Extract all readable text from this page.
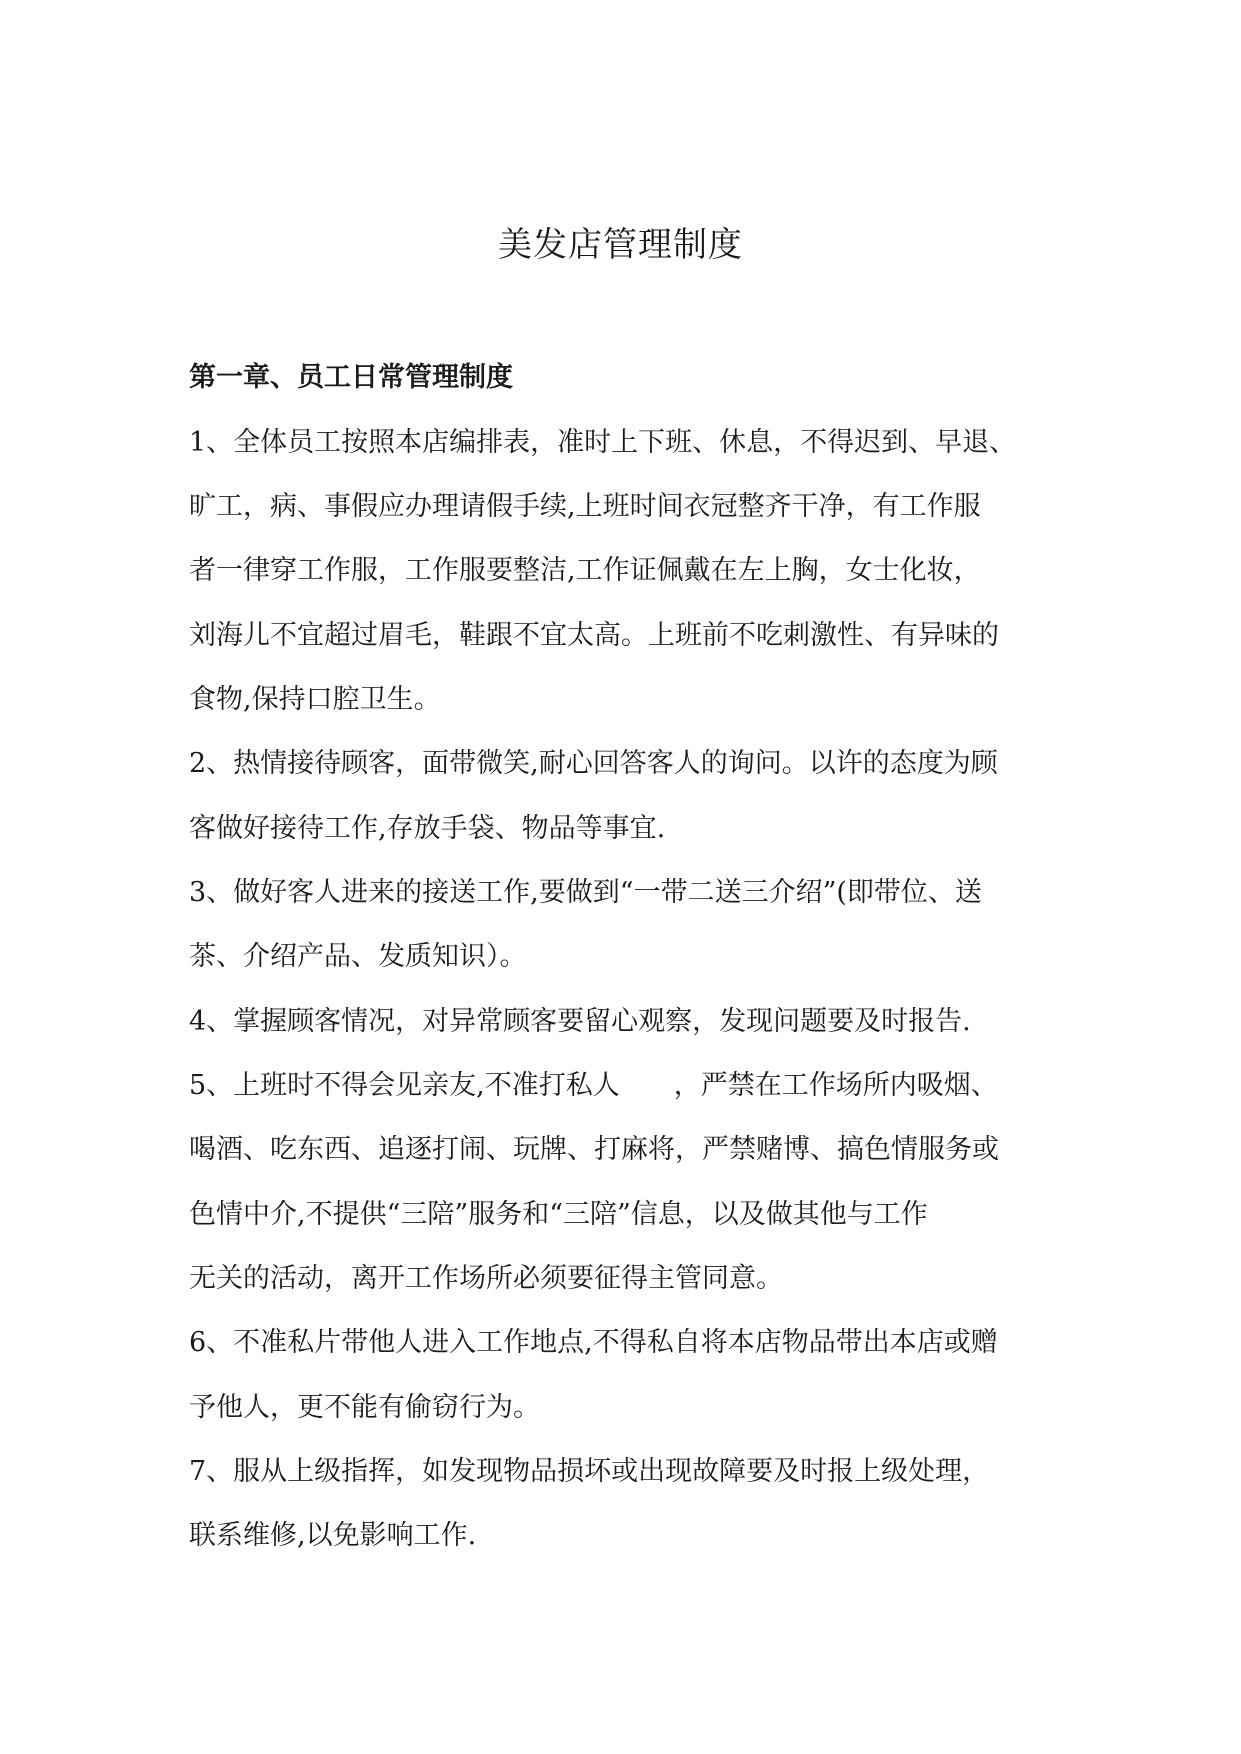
美发店管理制度
第一章、员工日常管理制度

1、全体员工按照本店编排表，准时上下班、休息，不得迟到、早退、

旷工，病、事假应办理请假手续,上班时间衣冠整齐干净，有工作服

者一律穿工作服，工作服要整洁,工作证佩戴在左上胸，女士化妆，

刘海儿不宜超过眉毛，鞋跟不宜太高。上班前不吃刺激性、有异味的

食物,保持口腔卫生。

2、热情接待顾客，面带微笑,耐心回答客人的询问。以许的态度为顾

客做好接待工作,存放手袋、物品等事宜.

3、做好客人进来的接送工作,要做到“一带二送三介绍”(即带位、送

茶、介绍产品、发质知识）。

4、掌握顾客情况，对异常顾客要留心观察，发现问题要及时报告.

5、上班时不得会见亲友,不准打私人　　，严禁在工作场所内吸烟、

喝酒、吃东西、追逐打闹、玩牌、打麻将，严禁赌博、搞色情服务或

色情中介,不提供“三陪”服务和“三陪”信息，以及做其他与工作

无关的活动，离开工作场所必须要征得主管同意。

6、不准私片带他人进入工作地点,不得私自将本店物品带出本店或赠

予他人，更不能有偷窃行为。

7、服从上级指挥，如发现物品损坏或出现故障要及时报上级处理，

联系维修,以免影响工作.
